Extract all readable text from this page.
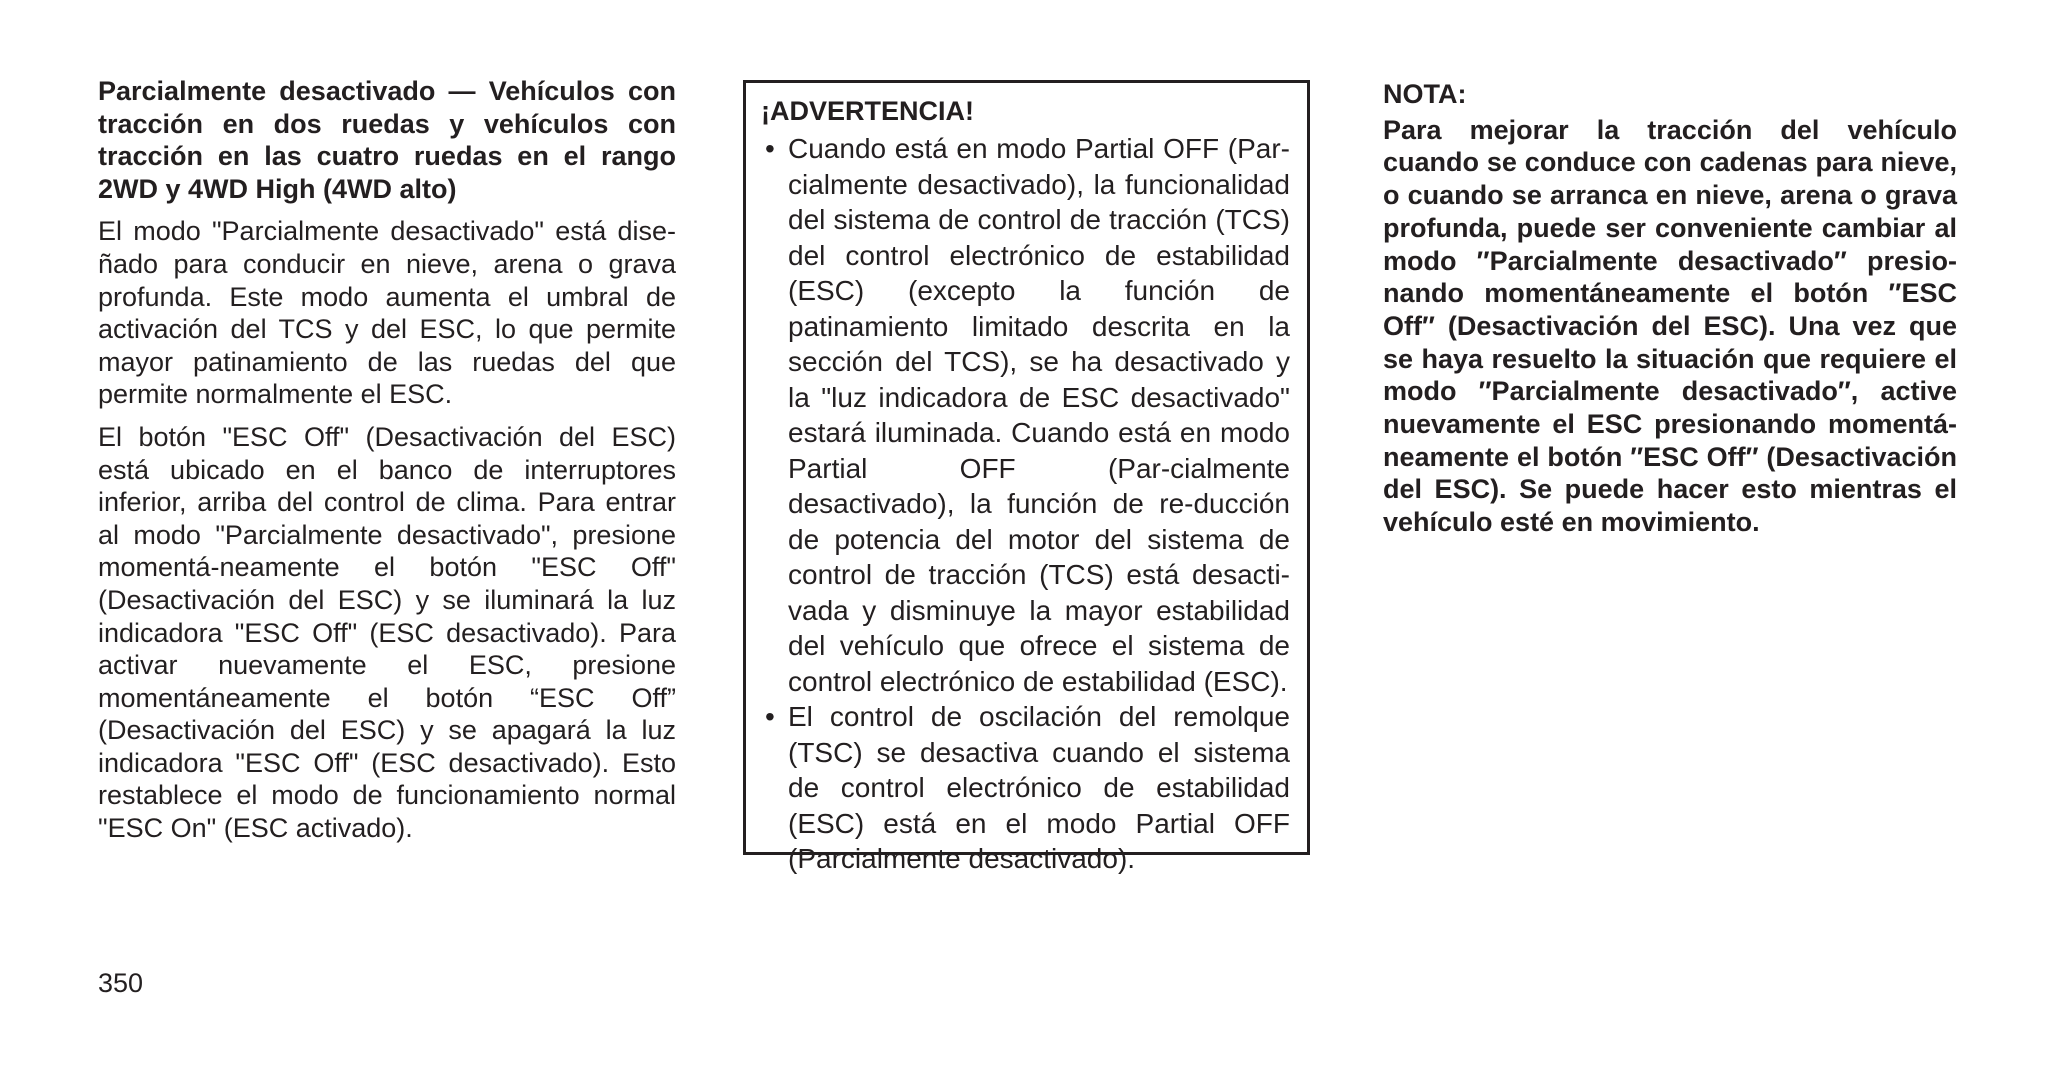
Parcialmente desactivado — Vehículos con tracción en dos ruedas y vehículos con tracción en las cuatro ruedas en el rango 2WD y 4WD High (4WD alto)
El modo "Parcialmente desactivado" está dise-ñado para conducir en nieve, arena o grava profunda. Este modo aumenta el umbral de activación del TCS y del ESC, lo que permite mayor patinamiento de las ruedas del que permite normalmente el ESC.
El botón "ESC Off" (Desactivación del ESC) está ubicado en el banco de interruptores inferior, arriba del control de clima. Para entrar al modo "Parcialmente desactivado", presione momentá-neamente el botón "ESC Off" (Desactivación del ESC) y se iluminará la luz indicadora "ESC Off" (ESC desactivado). Para activar nuevamente el ESC, presione momentáneamente el botón “ESC Off” (Desactivación del ESC) y se apagará la luz indicadora "ESC Off" (ESC desactivado). Esto restablece el modo de funcionamiento normal "ESC On" (ESC activado).
¡ADVERTENCIA!
• Cuando está en modo Partial OFF (Par-cialmente desactivado), la funcionalidad del sistema de control de tracción (TCS) del control electrónico de estabilidad (ESC) (excepto la función de patinamiento limitado descrita en la sección del TCS), se ha desactivado y la "luz indicadora de ESC desactivado" estará iluminada. Cuando está en modo Partial OFF (Par-cialmente desactivado), la función de re-ducción de potencia del motor del sistema de control de tracción (TCS) está desacti-vada y disminuye la mayor estabilidad del vehículo que ofrece el sistema de control electrónico de estabilidad (ESC).
• El control de oscilación del remolque (TSC) se desactiva cuando el sistema de control electrónico de estabilidad (ESC) está en el modo Partial OFF (Parcialmente desactivado).
NOTA:
Para mejorar la tracción del vehículo cuando se conduce con cadenas para nieve, o cuando se arranca en nieve, arena o grava profunda, puede ser conveniente cambiar al modo ″Parcialmente desactivado″ presio-nando momentáneamente el botón ″ESC Off″ (Desactivación del ESC). Una vez que se haya resuelto la situación que requiere el modo ″Parcialmente desactivado″, active nuevamente el ESC presionando momentá-neamente el botón ″ESC Off″ (Desactivación del ESC). Se puede hacer esto mientras el vehículo esté en movimiento.
350
